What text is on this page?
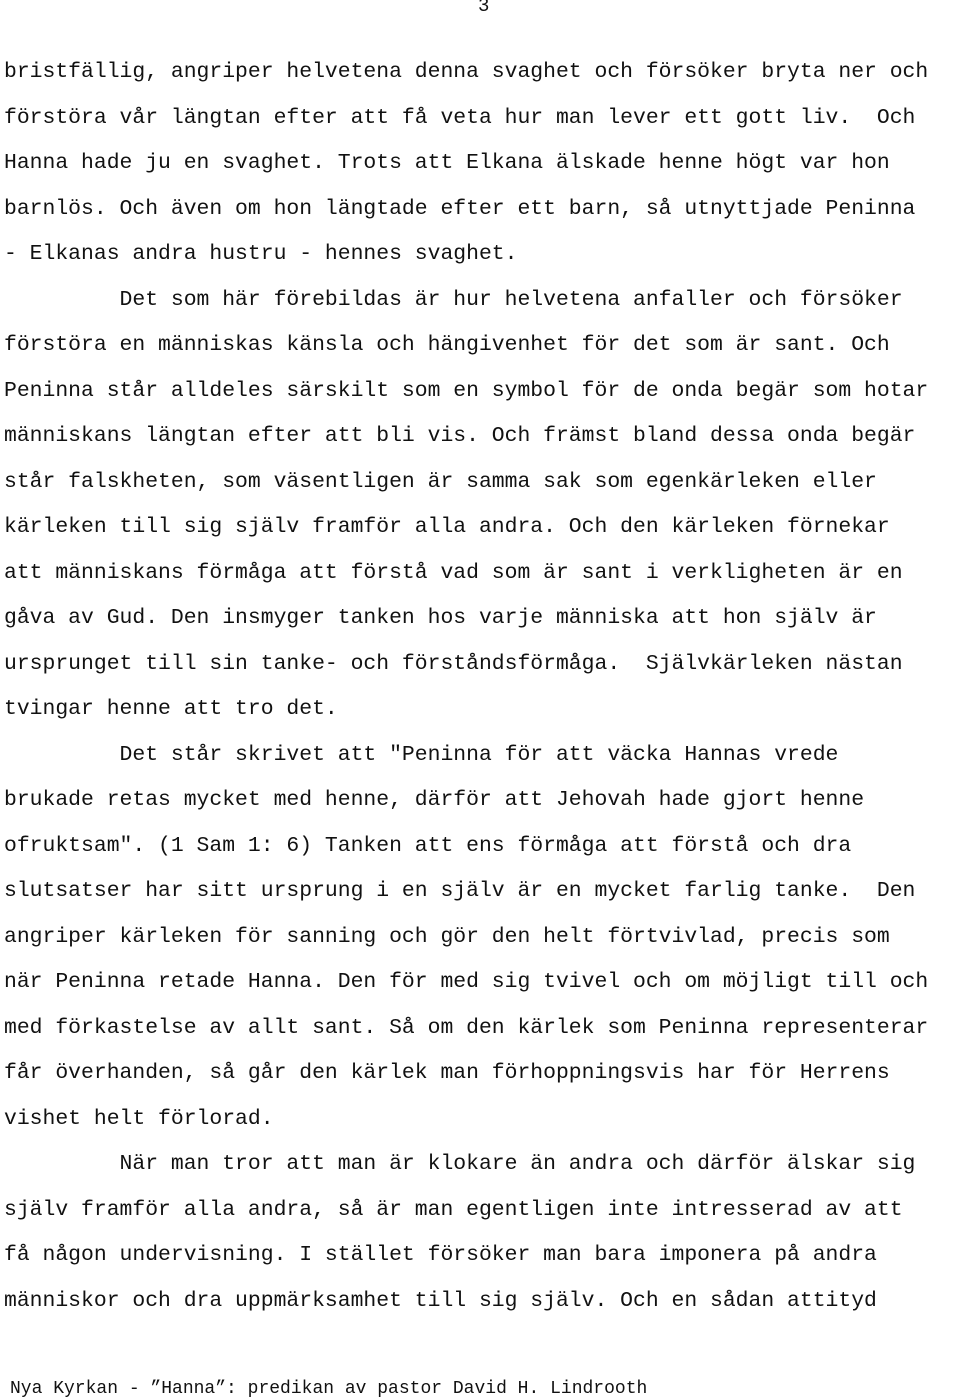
3
bristfällig, angriper helvetena denna svaghet och försöker bryta ner och
förstöra vår längtan efter att få veta hur man lever ett gott liv.  Och
Hanna hade ju en svaghet. Trots att Elkana älskade henne högt var hon
barnlös. Och även om hon längtade efter ett barn, så utnyttjade Peninna
- Elkanas andra hustru - hennes svaghet.
Det som här förebildas är hur helvetena anfaller och försöker
förstöra en människas känsla och hängivenhet för det som är sant. Och
Peninna står alldeles särskilt som en symbol för de onda begär som hotar
människans längtan efter att bli vis. Och främst bland dessa onda begär
står falskheten, som väsentligen är samma sak som egenkärleken eller
kärleken till sig själv framför alla andra. Och den kärleken förnekar
att människans förmåga att förstå vad som är sant i verkligheten är en
gåva av Gud. Den insmyger tanken hos varje människa att hon själv är
ursprunget till sin tanke- och förståndsförmåga.  Självkärleken nästan
tvingar henne att tro det.
Det står skrivet att "Peninna för att väcka Hannas vrede
brukade retas mycket med henne, därför att Jehovah hade gjort henne
ofruktsam". (1 Sam 1: 6) Tanken att ens förmåga att förstå och dra
slutsatser har sitt ursprung i en själv är en mycket farlig tanke.  Den
angriper kärleken för sanning och gör den helt förtvivlad, precis som
när Peninna retade Hanna. Den för med sig tvivel och om möjligt till och
med förkastelse av allt sant. Så om den kärlek som Peninna representerar
får överhanden, så går den kärlek man förhoppningsvis har för Herrens
vishet helt förlorad.
När man tror att man är klokare än andra och därför älskar sig
själv framför alla andra, så är man egentligen inte intresserad av att
få någon undervisning. I stället försöker man bara imponera på andra
människor och dra uppmärksamhet till sig själv. Och en sådan attityd
Nya Kyrkan - ”Hanna”: predikan av pastor David H. Lindrooth
